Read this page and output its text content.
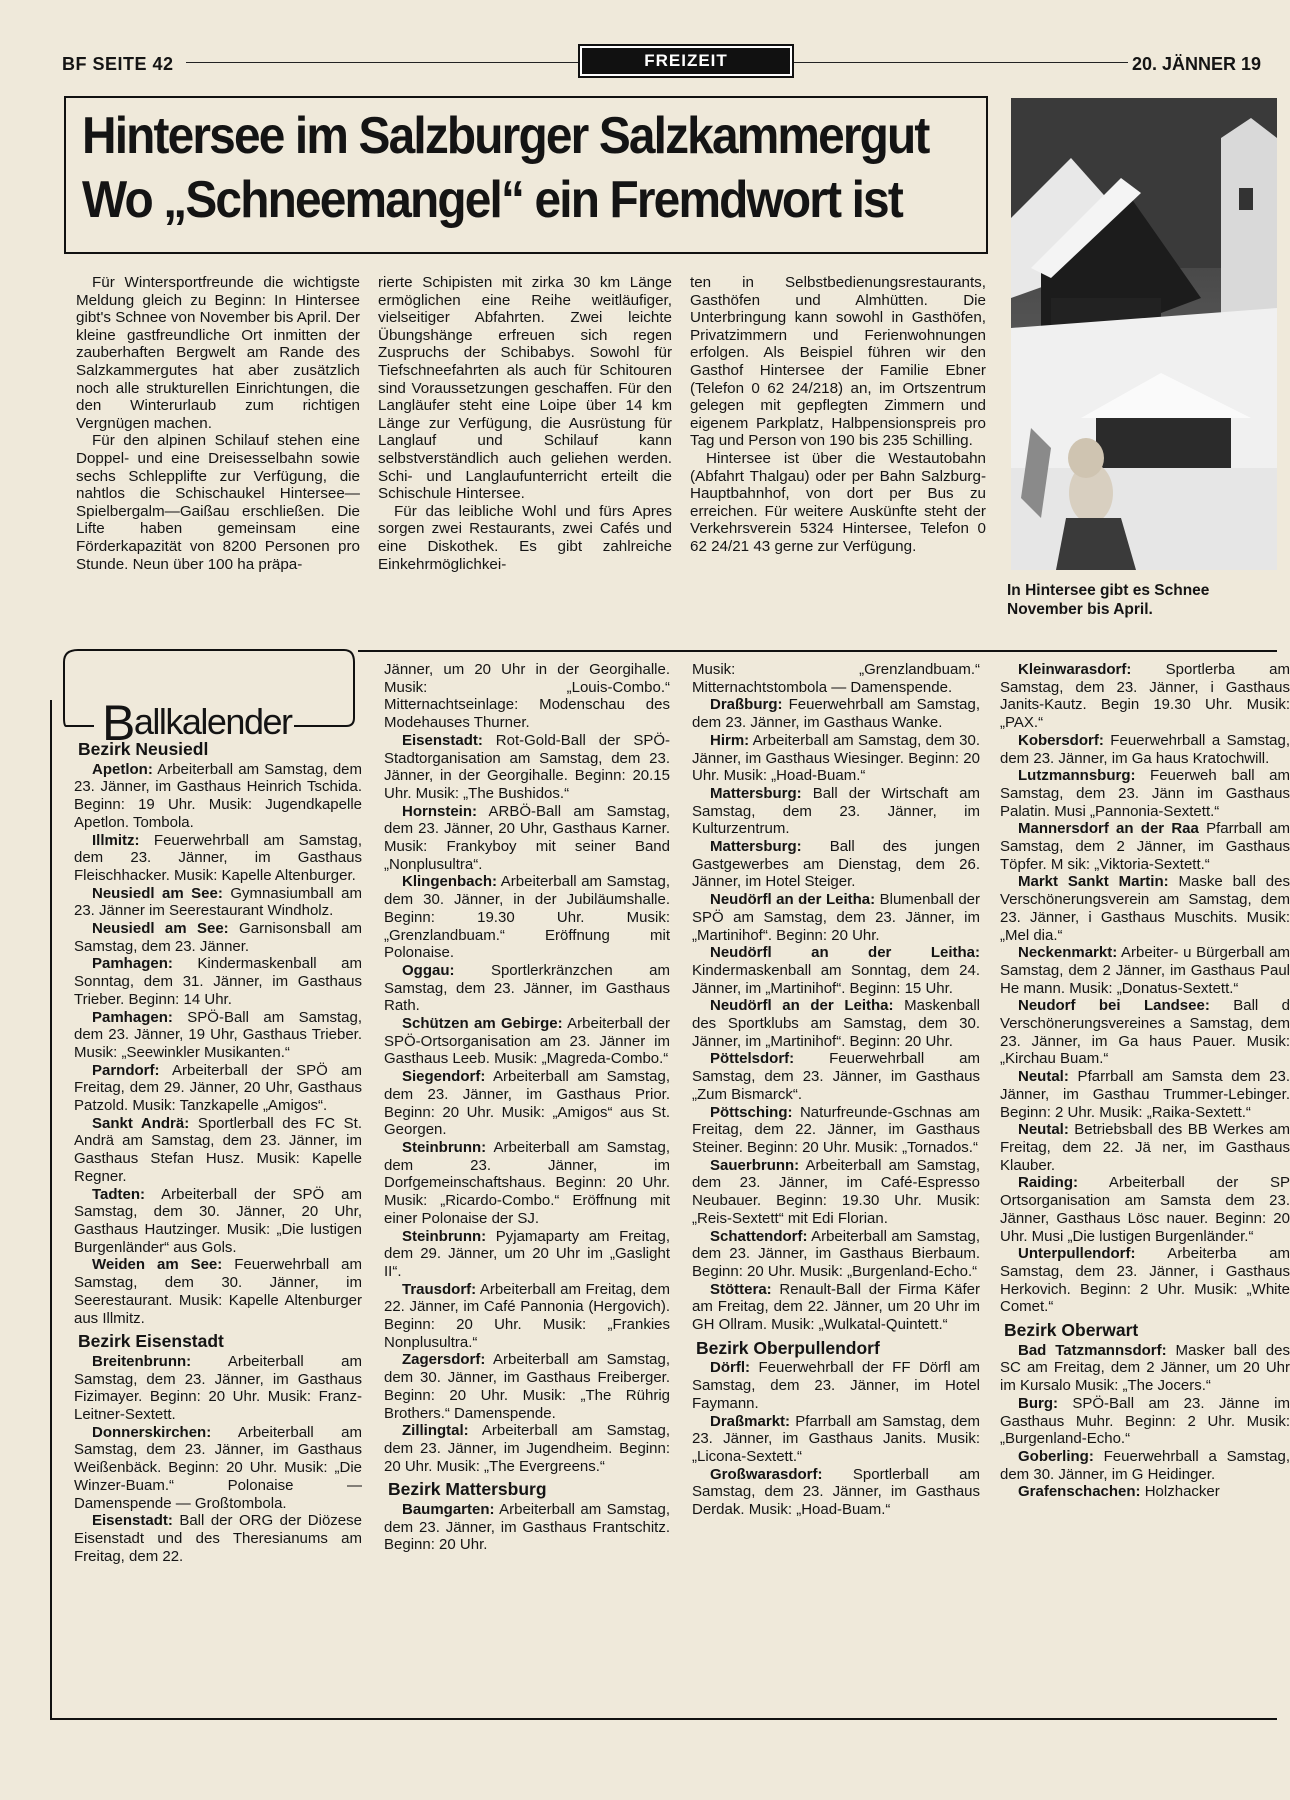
BF SEITE 42	FREIZEIT	20. JÄNNER 19
Hintersee im Salzburger Salzkammergut
Wo „Schneemangel“ ein Fremdwort ist
In Hintersee gibt es Schnee
November bis April.

Für Wintersportfreunde die wichtigste Meldung gleich zu Beginn: In Hintersee gibt's Schnee von November bis April. Der kleine gastfreundliche Ort inmitten der zauberhaften Bergwelt am Rande des Salzkammergutes hat aber zusätzlich noch alle strukturellen Einrichtungen, die den Winterurlaub zum richtigen Vergnügen machen.

Für den alpinen Schilauf stehen eine Doppel- und eine Dreisesselbahn sowie sechs Schlepplifte zur Verfügung, die nahtlos die Schischaukel Hintersee—Spielbergalm—Gaißau erschließen. Die Lifte haben gemeinsam eine Förderkapazität von 8200 Personen pro Stunde. Neun über 100 ha präpa-

rierte Schipisten mit zirka 30 km Länge ermöglichen eine Reihe weitläufiger, vielseitiger Abfahrten. Zwei leichte Übungshänge erfreuen sich regen Zuspruchs der Schibabys. Sowohl für Tiefschneefahrten als auch für Schitouren sind Voraussetzungen geschaffen. Für den Langläufer steht eine Loipe über 14 km Länge zur Verfügung, die Ausrüstung für Langlauf und Schilauf kann selbstverständlich auch geliehen werden. Schi- und Langlaufunterricht erteilt die Schischule Hintersee.

Für das leibliche Wohl und fürs Apres sorgen zwei Restaurants, zwei Cafés und eine Diskothek. Es gibt zahlreiche Einkehrmöglichkei-

ten in Selbstbedienungsrestaurants, Gasthöfen und Almhütten. Die Unterbringung kann sowohl in Gasthöfen, Privatzimmern und Ferienwohnungen erfolgen. Als Beispiel führen wir den Gasthof Hintersee der Familie Ebner (Telefon 0 62 24/218) an, im Ortszentrum gelegen mit gepflegten Zimmern und eigenem Parkplatz, Halbpensionspreis pro Tag und Person von 190 bis 235 Schilling.

Hintersee ist über die Westautobahn (Abfahrt Thalgau) oder per Bahn Salzburg-Hauptbahnhof, von dort per Bus zu erreichen. Für weitere Auskünfte steht der Verkehrsverein 5324 Hintersee, Telefon 0 62 24/21 43 gerne zur Verfügung.

Ballkalender
Bezirk Neusiedl

Apetlon: Arbeiterball am Samstag, dem 23. Jänner, im Gasthaus Heinrich Tschida. Beginn: 19 Uhr. Musik: Jugendkapelle Apetlon. Tombola.

Illmitz: Feuerwehrball am Samstag, dem 23. Jänner, im Gasthaus Fleischhacker. Musik: Kapelle Altenburger.

Neusiedl am See: Gymnasiumball am 23. Jänner im Seerestaurant Windholz.

Neusiedl am See: Garnisonsball am Samstag, dem 23. Jänner.

Pamhagen: Kindermaskenball am Sonntag, dem 31. Jänner, im Gasthaus Trieber. Beginn: 14 Uhr.

Pamhagen: SPÖ-Ball am Samstag, dem 23. Jänner, 19 Uhr, Gasthaus Trieber. Musik: „Seewinkler Musikanten.“

Parndorf: Arbeiterball der SPÖ am Freitag, dem 29. Jänner, 20 Uhr, Gasthaus Patzold. Musik: Tanzkapelle „Amigos“.

Sankt Andrä: Sportlerball des FC St. Andrä am Samstag, dem 23. Jänner, im Gasthaus Stefan Husz. Musik: Kapelle Regner.

Tadten: Arbeiterball der SPÖ am Samstag, dem 30. Jänner, 20 Uhr, Gasthaus Hautzinger. Musik: „Die lustigen Burgenländer“ aus Gols.

Weiden am See: Feuerwehrball am Samstag, dem 30. Jänner, im Seerestaurant. Musik: Kapelle Altenburger aus Illmitz.

Bezirk Eisenstadt

Breitenbrunn: Arbeiterball am Samstag, dem 23. Jänner, im Gasthaus Fizimayer. Beginn: 20 Uhr. Musik: Franz-Leitner-Sextett.

Donnerskirchen: Arbeiterball am Samstag, dem 23. Jänner, im Gasthaus Weißenbäck. Beginn: 20 Uhr. Musik: „Die Winzer-Buam.“ Polonaise — Damenspende — Großtombola.

Eisenstadt: Ball der ORG der Diözese Eisenstadt und des Theresianums am Freitag, dem 22.

Jänner, um 20 Uhr in der Georgihalle. Musik: „Louis-Combo.“ Mitternachtseinlage: Modenschau des Modehauses Thurner.

Eisenstadt: Rot-Gold-Ball der SPÖ-Stadtorganisation am Samstag, dem 23. Jänner, in der Georgihalle. Beginn: 20.15 Uhr. Musik: „The Bushidos.“

Hornstein: ARBÖ-Ball am Samstag, dem 23. Jänner, 20 Uhr, Gasthaus Karner. Musik: Frankyboy mit seiner Band „Nonplusultra“.

Klingenbach: Arbeiterball am Samstag, dem 30. Jänner, in der Jubiläumshalle. Beginn: 19.30 Uhr. Musik: „Grenzlandbuam.“ Eröffnung mit Polonaise.

Oggau: Sportlerkränzchen am Samstag, dem 23. Jänner, im Gasthaus Rath.

Schützen am Gebirge: Arbeiterball der SPÖ-Ortsorganisation am 23. Jänner im Gasthaus Leeb. Musik: „Magreda-Combo.“

Siegendorf: Arbeiterball am Samstag, dem 23. Jänner, im Gasthaus Prior. Beginn: 20 Uhr. Musik: „Amigos“ aus St. Georgen.

Steinbrunn: Arbeiterball am Samstag, dem 23. Jänner, im Dorfgemeinschaftshaus. Beginn: 20 Uhr. Musik: „Ricardo-Combo.“ Eröffnung mit einer Polonaise der SJ.

Steinbrunn: Pyjamaparty am Freitag, dem 29. Jänner, um 20 Uhr im „Gaslight II“.

Trausdorf: Arbeiterball am Freitag, dem 22. Jänner, im Café Pannonia (Hergovich). Beginn: 20 Uhr. Musik: „Frankies Nonplusultra.“

Zagersdorf: Arbeiterball am Samstag, dem 30. Jänner, im Gasthaus Freiberger. Beginn: 20 Uhr. Musik: „The Rührig Brothers.“ Damenspende.

Zillingtal: Arbeiterball am Samstag, dem 23. Jänner, im Jugendheim. Beginn: 20 Uhr. Musik: „The Evergreens.“

Bezirk Mattersburg

Baumgarten: Arbeiterball am Samstag, dem 23. Jänner, im Gasthaus Frantschitz. Beginn: 20 Uhr.

Musik: „Grenzlandbuam.“ Mitternachtstombola — Damenspende.

Draßburg: Feuerwehrball am Samstag, dem 23. Jänner, im Gasthaus Wanke.

Hirm: Arbeiterball am Samstag, dem 30. Jänner, im Gasthaus Wiesinger. Beginn: 20 Uhr. Musik: „Hoad-Buam.“

Mattersburg: Ball der Wirtschaft am Samstag, dem 23. Jänner, im Kulturzentrum.

Mattersburg: Ball des jungen Gastgewerbes am Dienstag, dem 26. Jänner, im Hotel Steiger.

Neudörfl an der Leitha: Blumenball der SPÖ am Samstag, dem 23. Jänner, im „Martinihof“. Beginn: 20 Uhr.

Neudörfl an der Leitha: Kindermaskenball am Sonntag, dem 24. Jänner, im „Martinihof“. Beginn: 15 Uhr.

Neudörfl an der Leitha: Maskenball des Sportklubs am Samstag, dem 30. Jänner, im „Martinihof“. Beginn: 20 Uhr.

Pöttelsdorf: Feuerwehrball am Samstag, dem 23. Jänner, im Gasthaus „Zum Bismarck“.

Pöttsching: Naturfreunde-Gschnas am Freitag, dem 22. Jänner, im Gasthaus Steiner. Beginn: 20 Uhr. Musik: „Tornados.“

Sauerbrunn: Arbeiterball am Samstag, dem 23. Jänner, im Café-Espresso Neubauer. Beginn: 19.30 Uhr. Musik: „Reis-Sextett“ mit Edi Florian.

Schattendorf: Arbeiterball am Samstag, dem 23. Jänner, im Gasthaus Bierbaum. Beginn: 20 Uhr. Musik: „Burgenland-Echo.“

Stöttera: Renault-Ball der Firma Käfer am Freitag, dem 22. Jänner, um 20 Uhr im GH Ollram. Musik: „Wulkatal-Quintett.“

Bezirk Oberpullendorf

Dörfl: Feuerwehrball der FF Dörfl am Samstag, dem 23. Jänner, im Hotel Faymann.

Draßmarkt: Pfarrball am Samstag, dem 23. Jänner, im Gasthaus Janits. Musik: „Licona-Sextett.“

Großwarasdorf: Sportlerball am Samstag, dem 23. Jänner, im Gasthaus Derdak. Musik: „Hoad-Buam.“

Kleinwarasdorf: Sportlerba am Samstag, dem 23. Jänner, i Gasthaus Janits-Kautz. Begin 19.30 Uhr. Musik: „PAX.“

Kobersdorf: Feuerwehrball a Samstag, dem 23. Jänner, im Ga haus Kratochwill.

Lutzmannsburg: Feuerweh ball am Samstag, dem 23. Jänn im Gasthaus Palatin. Musi „Pannonia-Sextett.“

Mannersdorf an der Raa Pfarrball am Samstag, dem 2 Jänner, im Gasthaus Töpfer. M sik: „Viktoria-Sextett.“

Markt Sankt Martin: Maske ball des Verschönerungsverein am Samstag, dem 23. Jänner, i Gasthaus Muschits. Musik: „Mel dia.“

Neckenmarkt: Arbeiter- u Bürgerball am Samstag, dem 2 Jänner, im Gasthaus Paul He mann. Musik: „Donatus-Sextett.“

Neudorf bei Landsee: Ball d Verschönerungsvereines a Samstag, dem 23. Jänner, im Ga haus Pauer. Musik: „Kirchau Buam.“

Neutal: Pfarrball am Samsta dem 23. Jänner, im Gasthau Trummer-Lebinger. Beginn: 2 Uhr. Musik: „Raika-Sextett.“

Neutal: Betriebsball des BB Werkes am Freitag, dem 22. Jä ner, im Gasthaus Klauber.

Raiding: Arbeiterball der SP Ortsorganisation am Samsta dem 23. Jänner, Gasthaus Lösc nauer. Beginn: 20 Uhr. Musi „Die lustigen Burgenländer.“

Unterpullendorf: Arbeiterba am Samstag, dem 23. Jänner, i Gasthaus Herkovich. Beginn: 2 Uhr. Musik: „White Comet.“

Bezirk Oberwart

Bad Tatzmannsdorf: Masker ball des SC am Freitag, dem 2 Jänner, um 20 Uhr im Kursalo Musik: „The Jocers.“

Burg: SPÖ-Ball am 23. Jänne im Gasthaus Muhr. Beginn: 2 Uhr. Musik: „Burgenland-Echo.“

Goberling: Feuerwehrball a Samstag, dem 30. Jänner, im G Heidinger.

Grafenschachen: Holzhacker
